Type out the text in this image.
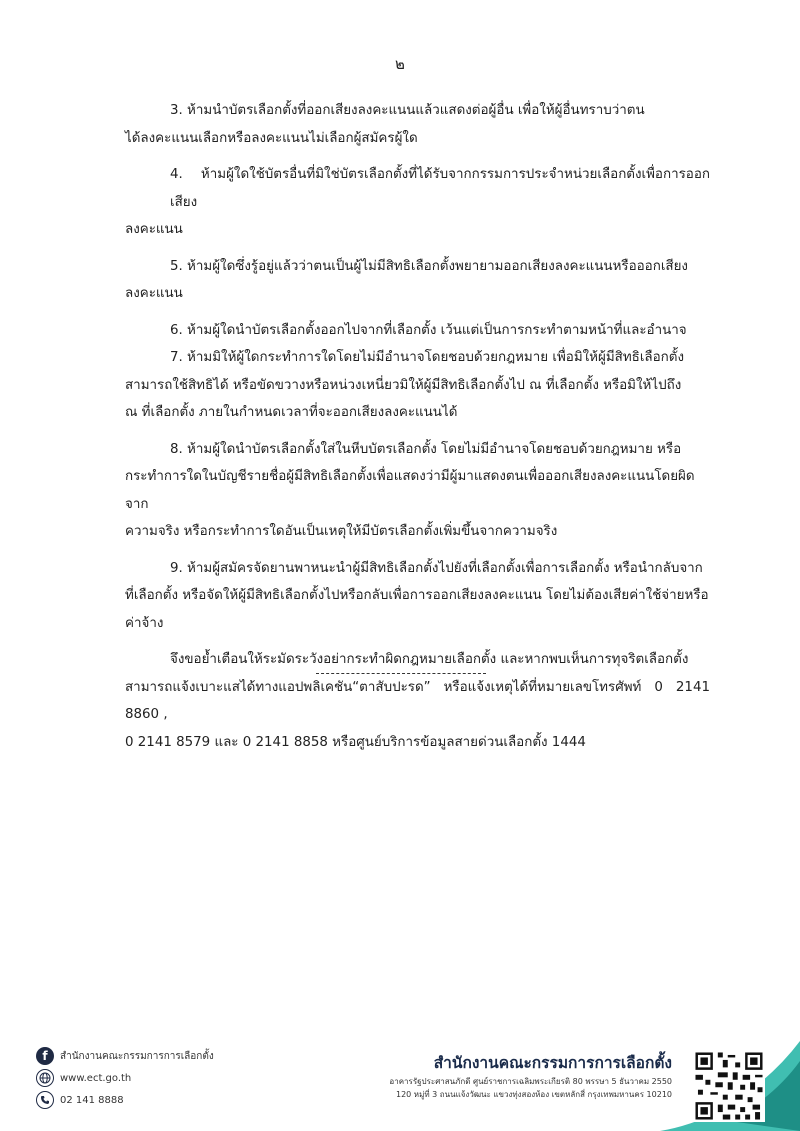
๒

3. ห้ามนำบัตรเลือกตั้งที่ออกเสียงลงคะแนนแล้วแสดงต่อผู้อื่น เพื่อให้ผู้อื่นทราบว่าตน
ได้ลงคะแนนเลือกหรือลงคะแนนไม่เลือกผู้สมัครผู้ใด

4. ห้ามผู้ใดใช้บัตรอื่นที่มิใช่บัตรเลือกตั้งที่ได้รับจากกรรมการประจำหน่วยเลือกตั้งเพื่อการออกเสียง
ลงคะแนน

5. ห้ามผู้ใดซึ่งรู้อยู่แล้วว่าตนเป็นผู้ไม่มีสิทธิเลือกตั้งพยายามออกเสียงลงคะแนนหรือออกเสียง
ลงคะแนน

6. ห้ามผู้ใดนำบัตรเลือกตั้งออกไปจากที่เลือกตั้ง เว้นแต่เป็นการกระทำตามหน้าที่และอำนาจ

7. ห้ามมิให้ผู้ใดกระทำการใดโดยไม่มีอำนาจโดยชอบด้วยกฎหมาย เพื่อมิให้ผู้มีสิทธิเลือกตั้ง
สามารถใช้สิทธิได้ หรือขัดขวางหรือหน่วงเหนี่ยวมิให้ผู้มีสิทธิเลือกตั้งไป ณ ที่เลือกตั้ง หรือมิให้ไปถึง
ณ ที่เลือกตั้ง ภายในกำหนดเวลาที่จะออกเสียงลงคะแนนได้

8. ห้ามผู้ใดนำบัตรเลือกตั้งใส่ในหีบบัตรเลือกตั้ง โดยไม่มีอำนาจโดยชอบด้วยกฎหมาย หรือ
กระทำการใดในบัญชีรายชื่อผู้มีสิทธิเลือกตั้งเพื่อแสดงว่ามีผู้มาแสดงตนเพื่อออกเสียงลงคะแนนโดยผิดจาก
ความจริง หรือกระทำการใดอันเป็นเหตุให้มีบัตรเลือกตั้งเพิ่มขึ้นจากความจริง

9. ห้ามผู้สมัครจัดยานพาหนะนำผู้มีสิทธิเลือกตั้งไปยังที่เลือกตั้งเพื่อการเลือกตั้ง หรือนำกลับจาก
ที่เลือกตั้ง หรือจัดให้ผู้มีสิทธิเลือกตั้งไปหรือกลับเพื่อการออกเสียงลงคะแนน โดยไม่ต้องเสียค่าใช้จ่ายหรือ
ค่าจ้าง

จึงขอย้ำเตือนให้ระมัดระวังอย่ากระทำผิดกฎหมายเลือกตั้ง และหากพบเห็นการทุจริตเลือกตั้ง
สามารถแจ้งเบาะแสได้ทางแอปพลิเคชัน“ตาสับปะรด” หรือแจ้งเหตุได้ที่หมายเลขโทรศัพท์ 0 2141 8860 ,
0 2141 8579 และ 0 2141 8858 หรือศูนย์บริการข้อมูลสายด่วนเลือกตั้ง 1444

f	สำนักงานคณะกรรมการการเลือกตั้ง
www.ect.go.th
02 141 8888
สำนักงานคณะกรรมการการเลือกตั้ง
อาคารรัฐประศาสนภักดี ศูนย์ราชการเฉลิมพระเกียรติ 80 พรรษา 5 ธันวาคม 2550
120 หมู่ที่ 3 ถนนแจ้งวัฒนะ แขวงทุ่งสองห้อง เขตหลักสี่ กรุงเทพมหานคร 10210
